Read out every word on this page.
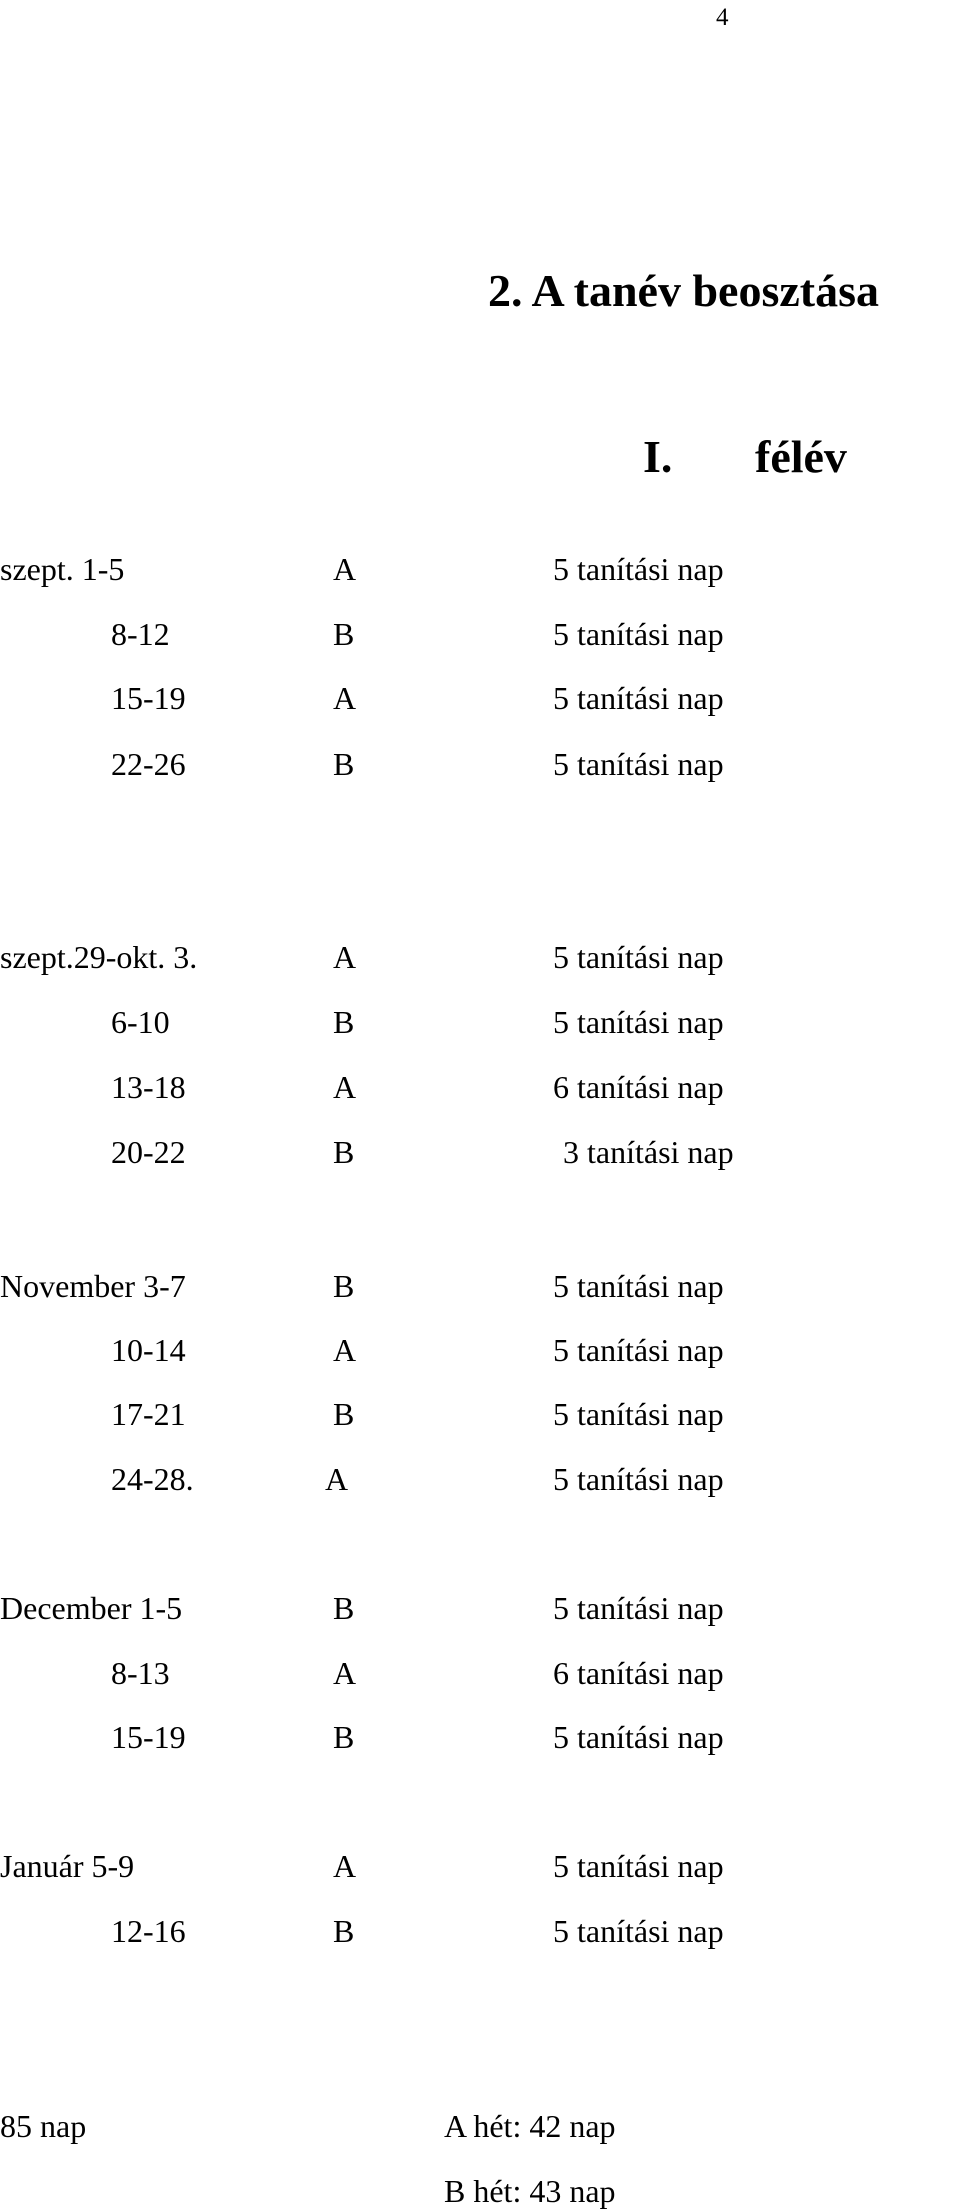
4
2. A tanév beosztása
I. félév
szept. 1-5	A	5 tanítási nap
8-12	B	5 tanítási nap
15-19	A	5 tanítási nap
22-26	B	5 tanítási nap
szept.29-okt. 3.	A	5 tanítási nap
6-10	B	5 tanítási nap
13-18	A	6 tanítási nap
20-22	B	3 tanítási nap
November 3-7	B	5 tanítási nap
10-14	A	5 tanítási nap
17-21	B	5 tanítási nap
24-28.	A	5 tanítási nap
December 1-5	B	5 tanítási nap
8-13	A	6 tanítási nap
15-19	B	5 tanítási nap
Január 5-9	A	5 tanítási nap
12-16	B	5 tanítási nap
85 nap	A hét: 42 nap
B hét: 43 nap
